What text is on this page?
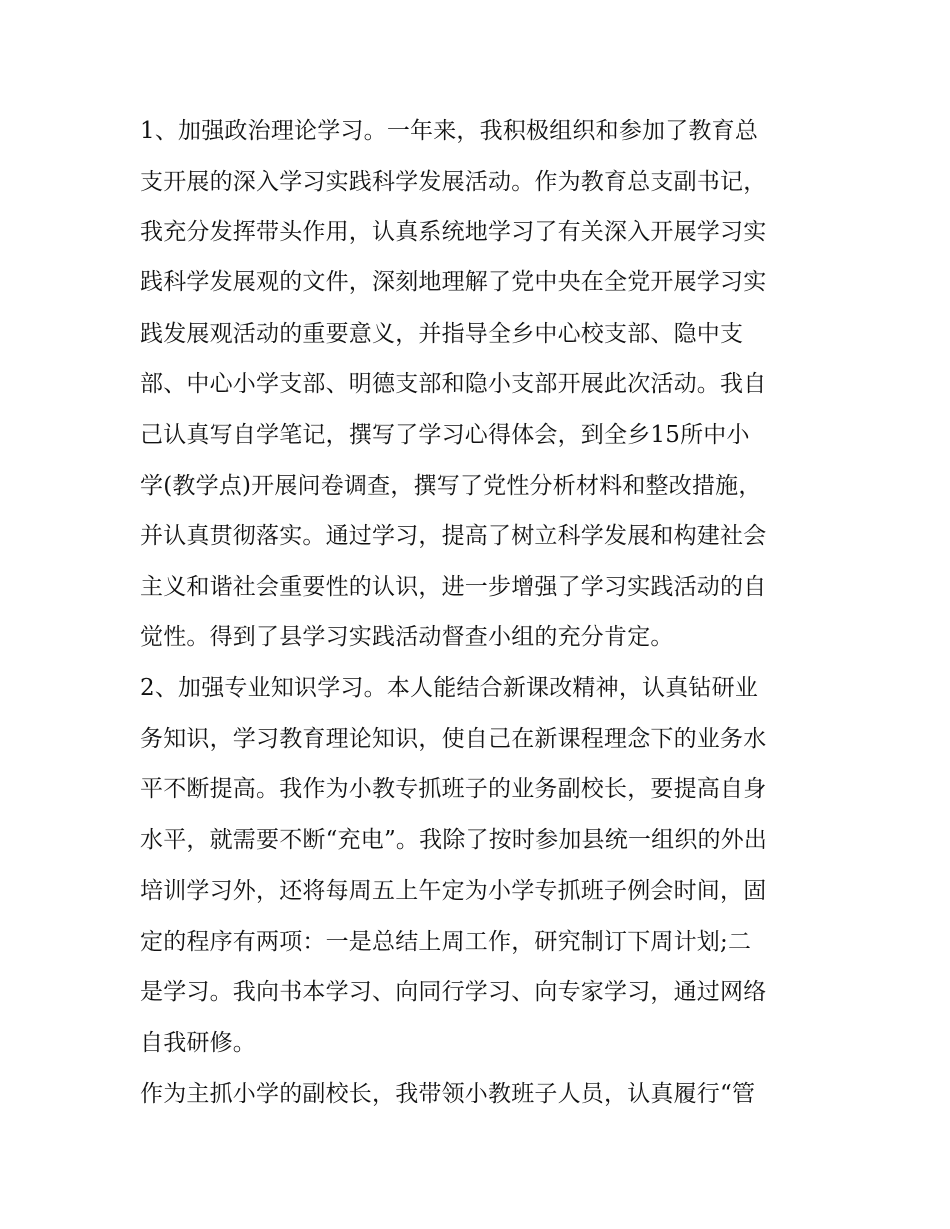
1、加强政治理论学习。一年来，我积极组织和参加了教育总

支开展的深入学习实践科学发展活动。作为教育总支副书记，

我充分发挥带头作用，认真系统地学习了有关深入开展学习实

践科学发展观的文件，深刻地理解了党中央在全党开展学习实

践发展观活动的重要意义，并指导全乡中心校支部、隐中支

部、中心小学支部、明德支部和隐小支部开展此次活动。我自

己认真写自学笔记，撰写了学习心得体会，到全乡15所中小

学(教学点)开展问卷调查，撰写了党性分析材料和整改措施，

并认真贯彻落实。通过学习，提高了树立科学发展和构建社会

主义和谐社会重要性的认识，进一步增强了学习实践活动的自

觉性。得到了县学习实践活动督查小组的充分肯定。

2、加强专业知识学习。本人能结合新课改精神，认真钻研业

务知识，学习教育理论知识，使自己在新课程理念下的业务水

平不断提高。我作为小教专抓班子的业务副校长，要提高自身

水平，就需要不断“充电”。我除了按时参加县统一组织的外出

培训学习外，还将每周五上午定为小学专抓班子例会时间，固

定的程序有两项：一是总结上周工作，研究制订下周计划;二

是学习。我向书本学习、向同行学习、向专家学习，通过网络

自我研修。

作为主抓小学的副校长，我带领小教班子人员，认真履行“管
